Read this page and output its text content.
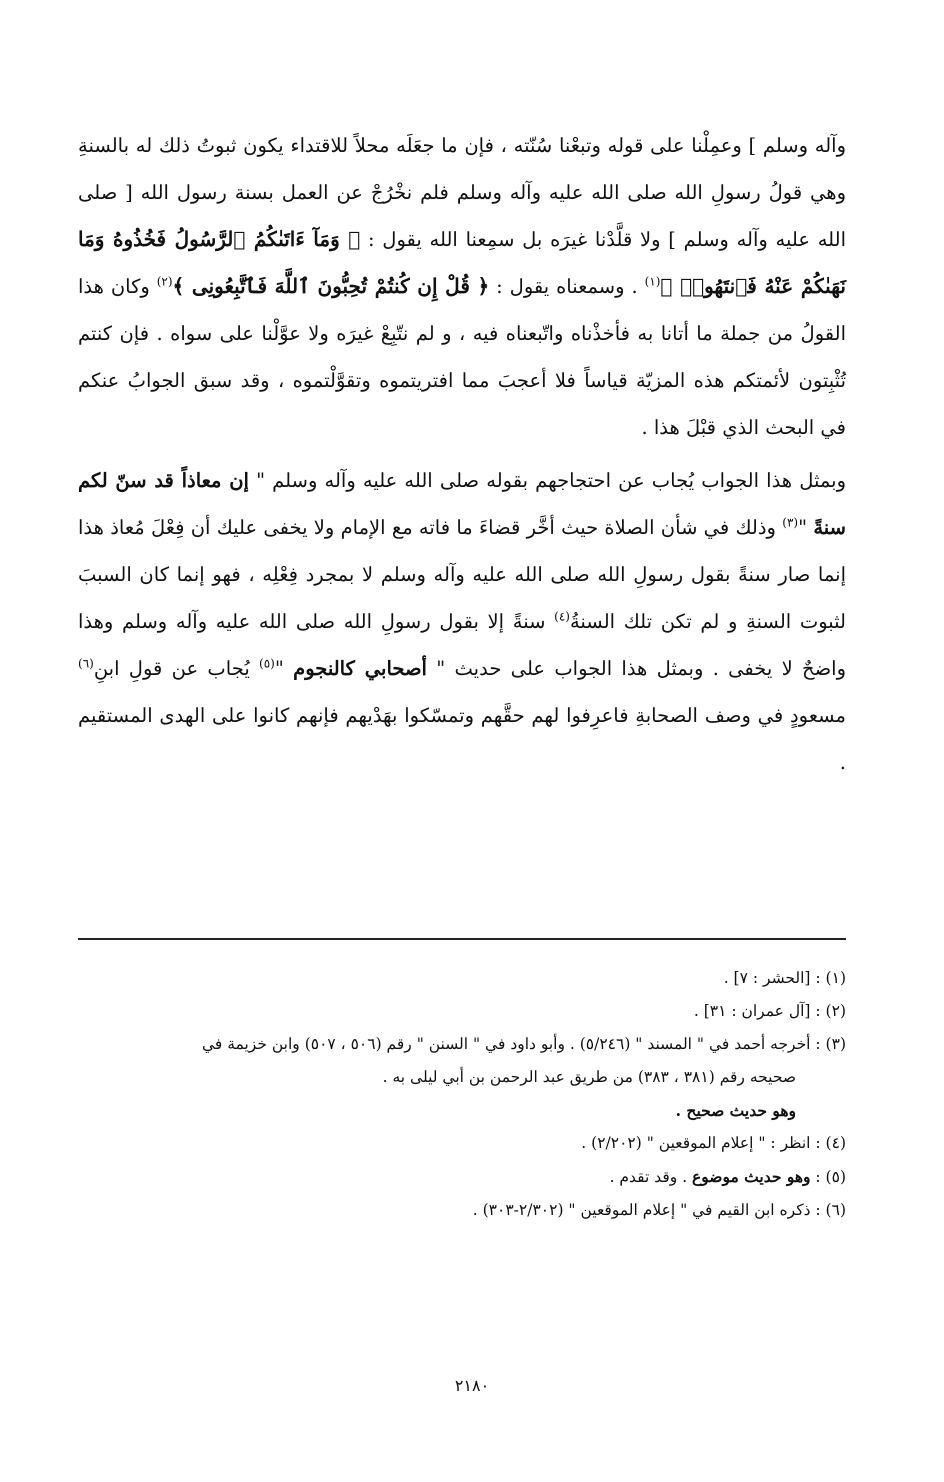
وآله وسلم ] وعمِلْنا على قوله وتبعْنا سُنّته ، فإن ما جعَلَه محلاً للاقتداء يكون ثبوتُ ذلك له بالسنةِ وهي قولُ رسولِ الله صلى الله عليه وآله وسلم فلم نخْرُجْ عن العمل بسنة رسول الله [ صلى الله عليه وآله وسلم ] ولا قلَّدْنا غيرَه بل سمِعنا الله يقول : ﴿ وَمَآ ءَاتَىٰكُمُ ٱلرَّسُولُ فَخُذُوهُ وَمَا نَهَىٰكُمْ عَنْهُ فَٱنتَهُوا۟ ﴾$^{(١)}$ . وسمعناه يقول : ﴿ قُلْ إِن كُنتُمْ تُحِبُّونَ ٱللَّهَ فَٱتَّبِعُونِى ﴾$^{(٢)}$ وكان هذا القولُ من جملة ما أتانا به فأخذْناه واتّبعناه فيه ، و لم نتّبِعْ غيرَه ولا عوَّلْنا على سواه . فإن كنتم تُثْبِتون لأئمتكم هذه المزيّة قياساً فلا أعجبَ مما افتريتموه وتقوَّلْتموه ، وقد سبق الجوابُ عنكم في البحث الذي قبْلَ هذا .

وبمثل هذا الجواب يُجاب عن احتجاجهم بقوله صلى الله عليه وآله وسلم " إن معاذاً قد سنّ لكم سنةً "$^{(٣)}$ وذلك في شأن الصلاة حيث أخَّر قضاءَ ما فاته مع الإمام ولا يخفى عليك أن فِعْلَ مُعاذ هذا إنما صار سنةً بقول رسولِ الله صلى الله عليه وآله وسلم لا بمجرد فِعْلِه ، فهو إنما كان السببَ لثبوت السنةِ و لم تكن تلك السنةُ$^{(٤)}$ سنةً إلا بقول رسولِ الله صلى الله عليه وآله وسلم وهذا واضحٌ لا يخفى . وبمثل هذا الجواب على حديث " أصحابي كالنجوم "$^{(٥)}$ يُجاب عن قولِ ابنِ$^{(٦)}$ مسعودٍ في وصف الصحابةِ فاعرِفوا لهم حقَّهم وتمسّكوا بهَدْيهم فإنهم كانوا على الهدى المستقيم .

(١) : [الحشر : ٧] .

(٢) : [آل عمران : ٣١] .

(٣) : أخرجه أحمد في " المسند " (٥/٢٤٦) . وأبو داود في " السنن " رقم (٥٠٦ ، ٥٠٧) وابن خزيمة في

صحيحه رقم (٣٨١ ، ٣٨٣) من طريق عبد الرحمن بن أبي ليلى به .

وهو حديث صحيح .

(٤) : انظر : " إعلام الموقعين " (٢/٢٠٢) .

(٥) : وهو حديث موضوع . وقد تقدم .

(٦) : ذكره ابن القيم في " إعلام الموقعين " (٢/٣٠٢-٣٠٣) .

٢١٨٠
